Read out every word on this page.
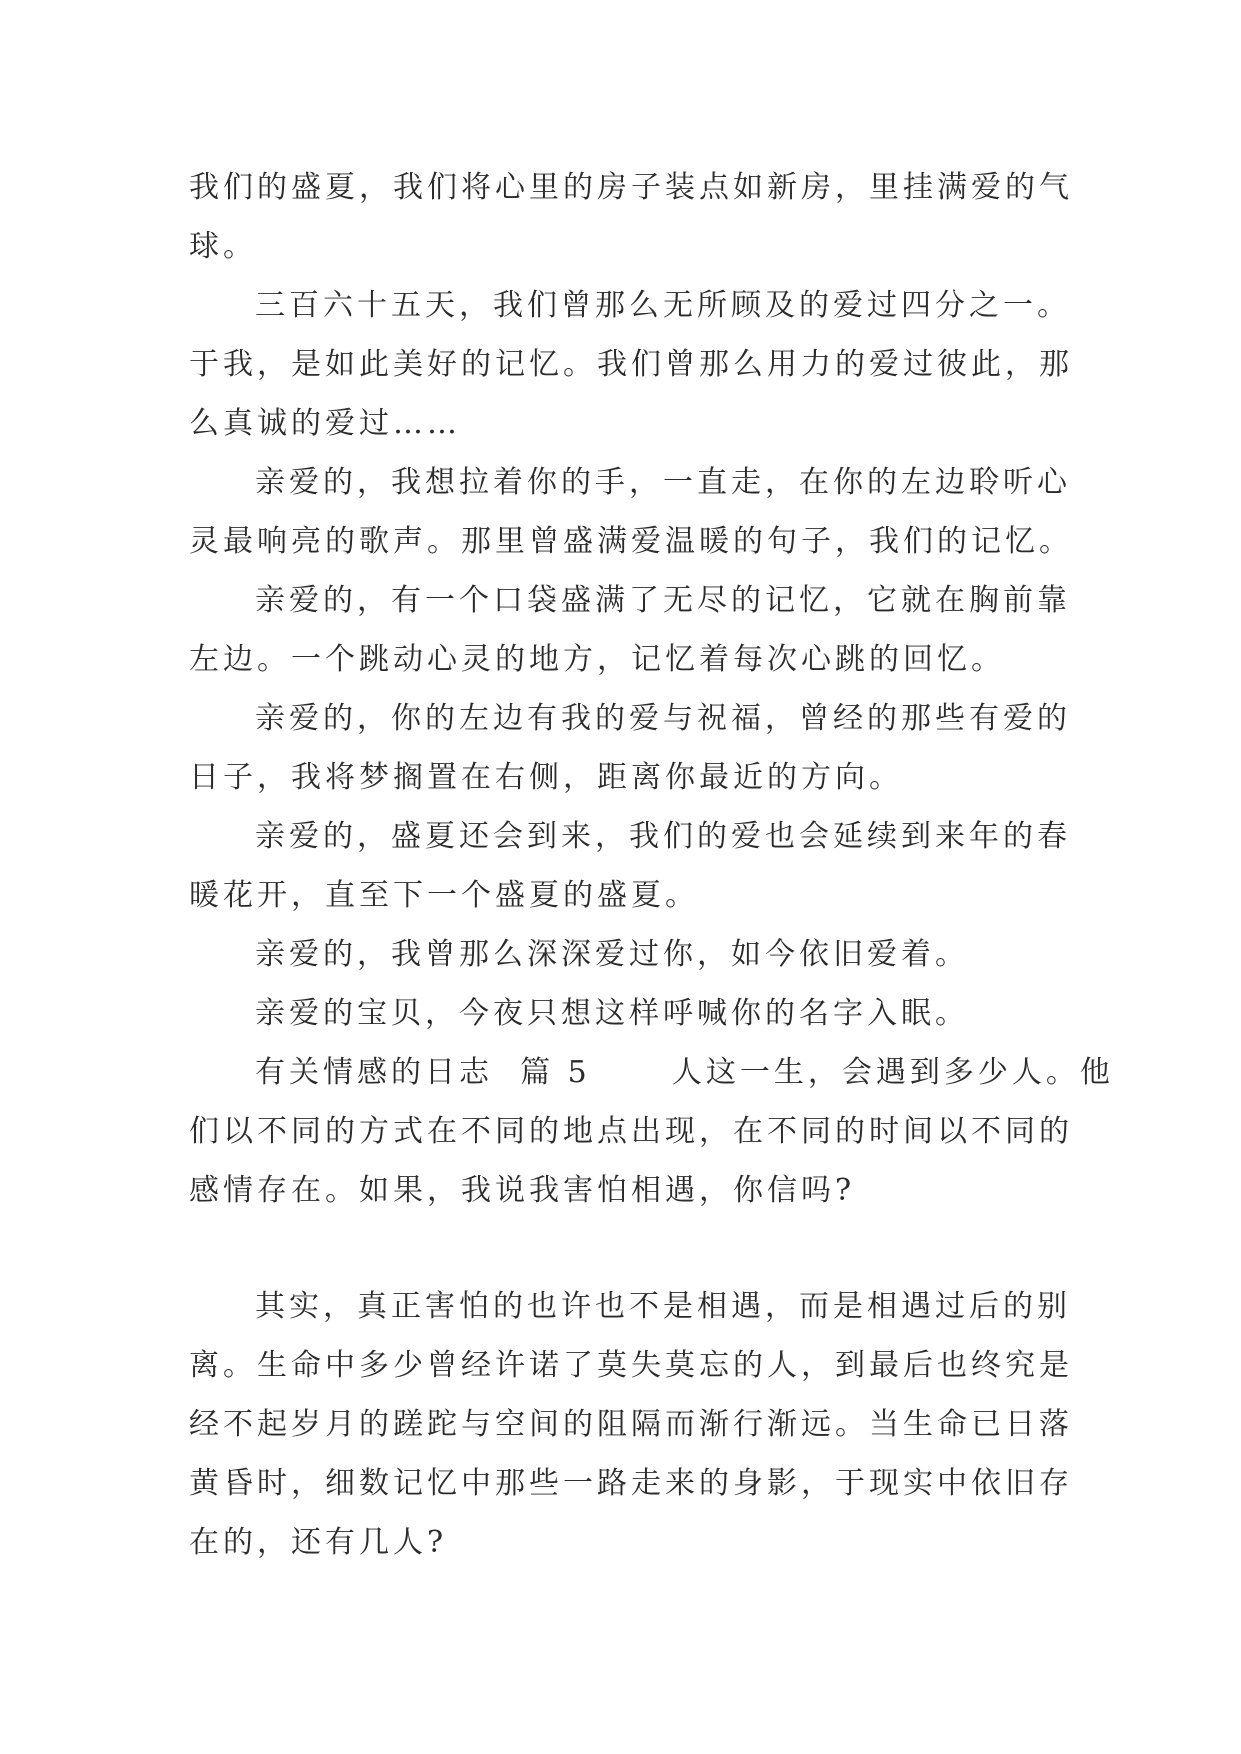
我们的盛夏，我们将心里的房子装点如新房，里挂满爱的气

球。

三百六十五天，我们曾那么无所顾及的爱过四分之一。

于我，是如此美好的记忆。我们曾那么用力的爱过彼此，那

么真诚的爱过……

亲爱的，我想拉着你的手，一直走，在你的左边聆听心

灵最响亮的歌声。那里曾盛满爱温暖的句子，我们的记忆。

亲爱的，有一个口袋盛满了无尽的记忆，它就在胸前靠

左边。一个跳动心灵的地方，记忆着每次心跳的回忆。

亲爱的，你的左边有我的爱与祝福，曾经的那些有爱的

日子，我将梦搁置在右侧，距离你最近的方向。

亲爱的，盛夏还会到来，我们的爱也会延续到来年的春

暖花开，直至下一个盛夏的盛夏。

亲爱的，我曾那么深深爱过你，如今依旧爱着。

亲爱的宝贝，今夜只想这样呼喊你的名字入眠。

有关情感的日志  篇 5      人这一生，会遇到多少人。他

们以不同的方式在不同的地点出现，在不同的时间以不同的

感情存在。如果，我说我害怕相遇，你信吗?

其实，真正害怕的也许也不是相遇，而是相遇过后的别

离。生命中多少曾经许诺了莫失莫忘的人，到最后也终究是

经不起岁月的蹉跎与空间的阻隔而渐行渐远。当生命已日落

黄昏时，细数记忆中那些一路走来的身影，于现实中依旧存

在的，还有几人?
